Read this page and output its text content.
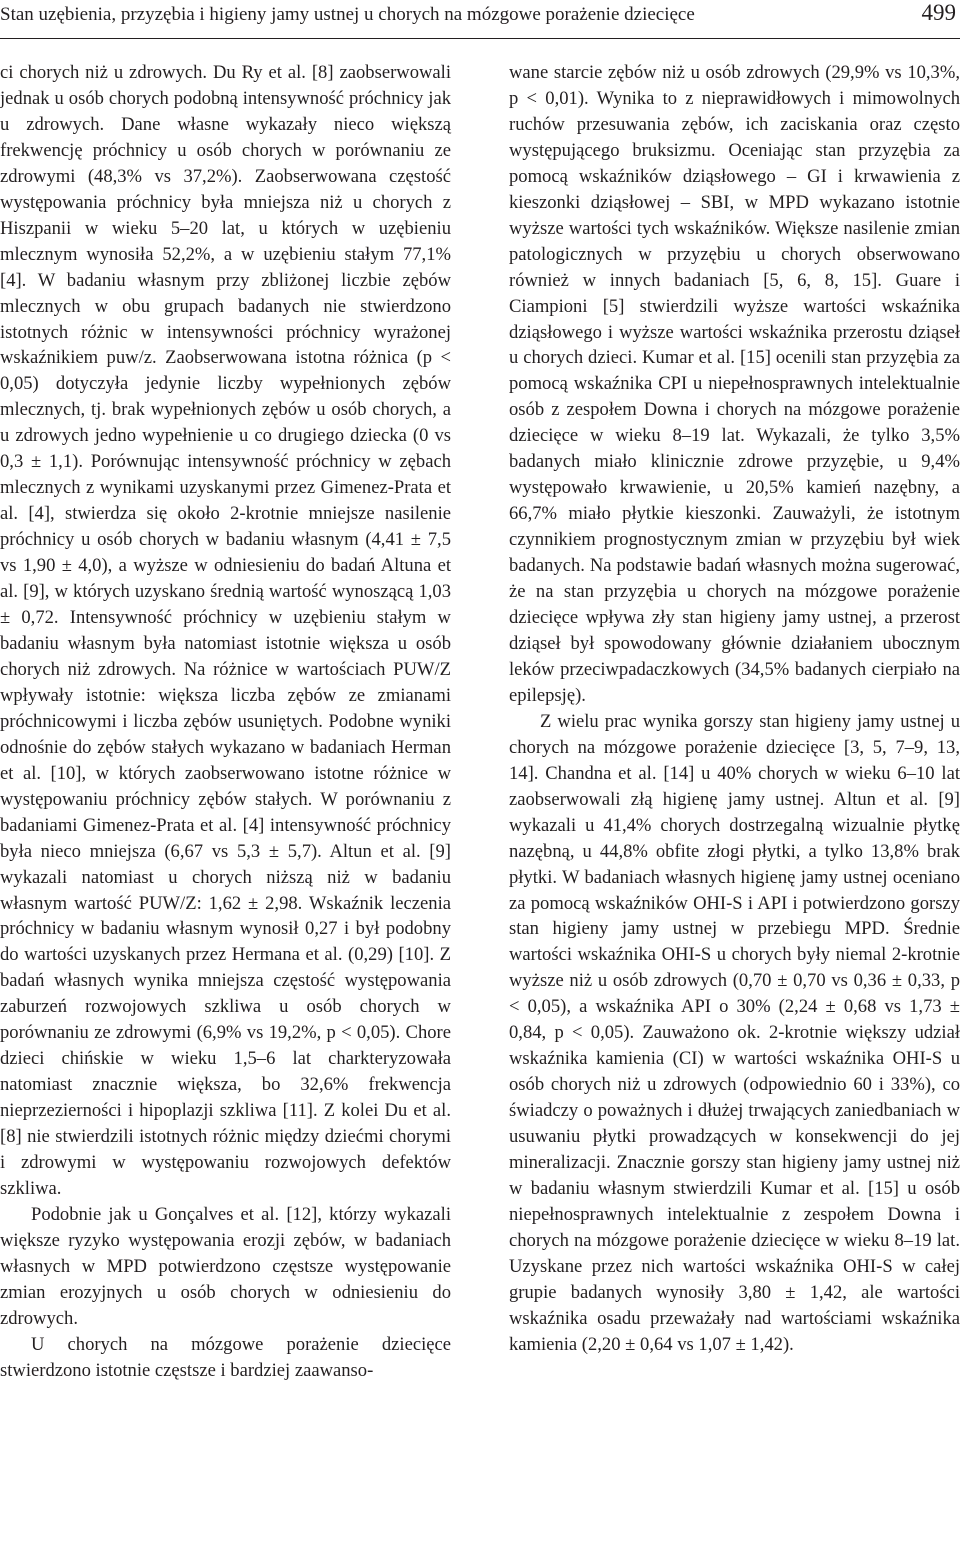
Stan uzębienia, przyzębia i higieny jamy ustnej u chorych na mózgowe porażenie dziecięce	499

ci chorych niż u zdrowych. Du Ry et al. [8] zaobserwowali jednak u osób chorych podobną intensywność próchnicy jak u zdrowych. Dane własne wykazały nieco większą frekwencję próchnicy u osób chorych w porównaniu ze zdrowymi (48,3% vs 37,2%). Zaobserwowana częstość występowania próchnicy była mniejsza niż u chorych z Hiszpanii w wieku 5–20 lat, u których w uzębieniu mlecznym wynosiła 52,2%, a w uzębieniu stałym 77,1% [4]. W badaniu własnym przy zbliżonej liczbie zębów mlecznych w obu grupach badanych nie stwierdzono istotnych różnic w intensywności próchnicy wyrażonej wskaźnikiem puw/z. Zaobserwowana istotna różnica (p < 0,05) dotyczyła jedynie liczby wypełnionych zębów mlecznych, tj. brak wypełnionych zębów u osób chorych, a u zdrowych jedno wypełnienie u co drugiego dziecka (0 vs 0,3 ± 1,1). Porównując intensywność próchnicy w zębach mlecznych z wynikami uzyskanymi przez Gimenez-Prata et al. [4], stwierdza się około 2-krotnie mniejsze nasilenie próchnicy u osób chorych w badaniu własnym (4,41 ± 7,5 vs 1,90 ± 4,0), a wyższe w odniesieniu do badań Altuna et al. [9], w których uzyskano średnią wartość wynoszącą 1,03 ± 0,72. Intensywność próchnicy w uzębieniu stałym w badaniu własnym była natomiast istotnie większa u osób chorych niż zdrowych. Na różnice w wartościach PUW/Z wpływały istotnie: większa liczba zębów ze zmianami próchnicowymi i liczba zębów usuniętych. Podobne wyniki odnośnie do zębów stałych wykazano w badaniach Herman et al. [10], w których zaobserwowano istotne różnice w występowaniu próchnicy zębów stałych. W porównaniu z badaniami Gimenez-Prata et al. [4] intensywność próchnicy była nieco mniejsza (6,67 vs 5,3 ± 5,7). Altun et al. [9] wykazali natomiast u chorych niższą niż w badaniu własnym wartość PUW/Z: 1,62 ± 2,98. Wskaźnik leczenia próchnicy w badaniu własnym wynosił 0,27 i był podobny do wartości uzyskanych przez Hermana et al. (0,29) [10]. Z badań własnych wynika mniejsza częstość występowania zaburzeń rozwojowych szkliwa u osób chorych w porównaniu ze zdrowymi (6,9% vs 19,2%, p < 0,05). Chore dzieci chińskie w wieku 1,5–6 lat charkteryzowała natomiast znacznie większa, bo 32,6% frekwencja nieprzezierności i hipoplazji szkliwa [11]. Z kolei Du et al. [8] nie stwierdzili istotnych różnic między dziećmi chorymi i zdrowymi w występowaniu rozwojowych defektów szkliwa.

Podobnie jak u Gonçalves et al. [12], którzy wykazali większe ryzyko występowania erozji zębów, w badaniach własnych w MPD potwierdzono częstsze występowanie zmian erozyjnych u osób chorych w odniesieniu do zdrowych.

U chorych na mózgowe porażenie dziecięce stwierdzono istotnie częstsze i bardziej zaawanso-

wane starcie zębów niż u osób zdrowych (29,9% vs 10,3%, p < 0,01). Wynika to z nieprawidłowych i mimowolnych ruchów przesuwania zębów, ich zaciskania oraz często występującego bruksizmu. Oceniając stan przyzębia za pomocą wskaźników dziąsłowego – GI i krwawienia z kieszonki dziąsłowej – SBI, w MPD wykazano istotnie wyższe wartości tych wskaźników. Większe nasilenie zmian patologicznych w przyzębiu u chorych obserwowano również w innych badaniach [5, 6, 8, 15]. Guare i Ciampioni [5] stwierdzili wyższe wartości wskaźnika dziąsłowego i wyższe wartości wskaźnika przerostu dziąseł u chorych dzieci. Kumar et al. [15] ocenili stan przyzębia za pomocą wskaźnika CPI u niepełnosprawnych intelektualnie osób z zespołem Downa i chorych na mózgowe porażenie dziecięce w wieku 8–19 lat. Wykazali, że tylko 3,5% badanych miało klinicznie zdrowe przyzębie, u 9,4% występowało krwawienie, u 20,5% kamień nazębny, a 66,7% miało płytkie kieszonki. Zauważyli, że istotnym czynnikiem prognostycznym zmian w przyzębiu był wiek badanych. Na podstawie badań własnych można sugerować, że na stan przyzębia u chorych na mózgowe porażenie dziecięce wpływa zły stan higieny jamy ustnej, a przerost dziąseł był spowodowany głównie działaniem ubocznym leków przeciwpadaczkowych (34,5% badanych cierpiało na epilepsję).

Z wielu prac wynika gorszy stan higieny jamy ustnej u chorych na mózgowe porażenie dziecięce [3, 5, 7–9, 13, 14]. Chandna et al. [14] u 40% chorych w wieku 6–10 lat zaobserwowali złą higienę jamy ustnej. Altun et al. [9] wykazali u 41,4% chorych dostrzegalną wizualnie płytkę nazębną, u 44,8% obfite złogi płytki, a tylko 13,8% brak płytki. W badaniach własnych higienę jamy ustnej oceniano za pomocą wskaźników OHI-S i API i potwierdzono gorszy stan higieny jamy ustnej w przebiegu MPD. Średnie wartości wskaźnika OHI-S u chorych były niemal 2-krotnie wyższe niż u osób zdrowych (0,70 ± 0,70 vs 0,36 ± 0,33, p < 0,05), a wskaźnika API o 30% (2,24 ± 0,68 vs 1,73 ± 0,84, p < 0,05). Zauważono ok. 2-krotnie większy udział wskaźnika kamienia (CI) w wartości wskaźnika OHI-S u osób chorych niż u zdrowych (odpowiednio 60 i 33%), co świadczy o poważnych i dłużej trwających zaniedbaniach w usuwaniu płytki prowadzących w konsekwencji do jej mineralizacji. Znacznie gorszy stan higieny jamy ustnej niż w badaniu własnym stwierdzili Kumar et al. [15] u osób niepełnosprawnych intelektualnie z zespołem Downa i chorych na mózgowe porażenie dziecięce w wieku 8–19 lat. Uzyskane przez nich wartości wskaźnika OHI-S w całej grupie badanych wynosiły 3,80 ± 1,42, ale wartości wskaźnika osadu przeważały nad wartościami wskaźnika kamienia (2,20 ± 0,64 vs 1,07 ± 1,42).
